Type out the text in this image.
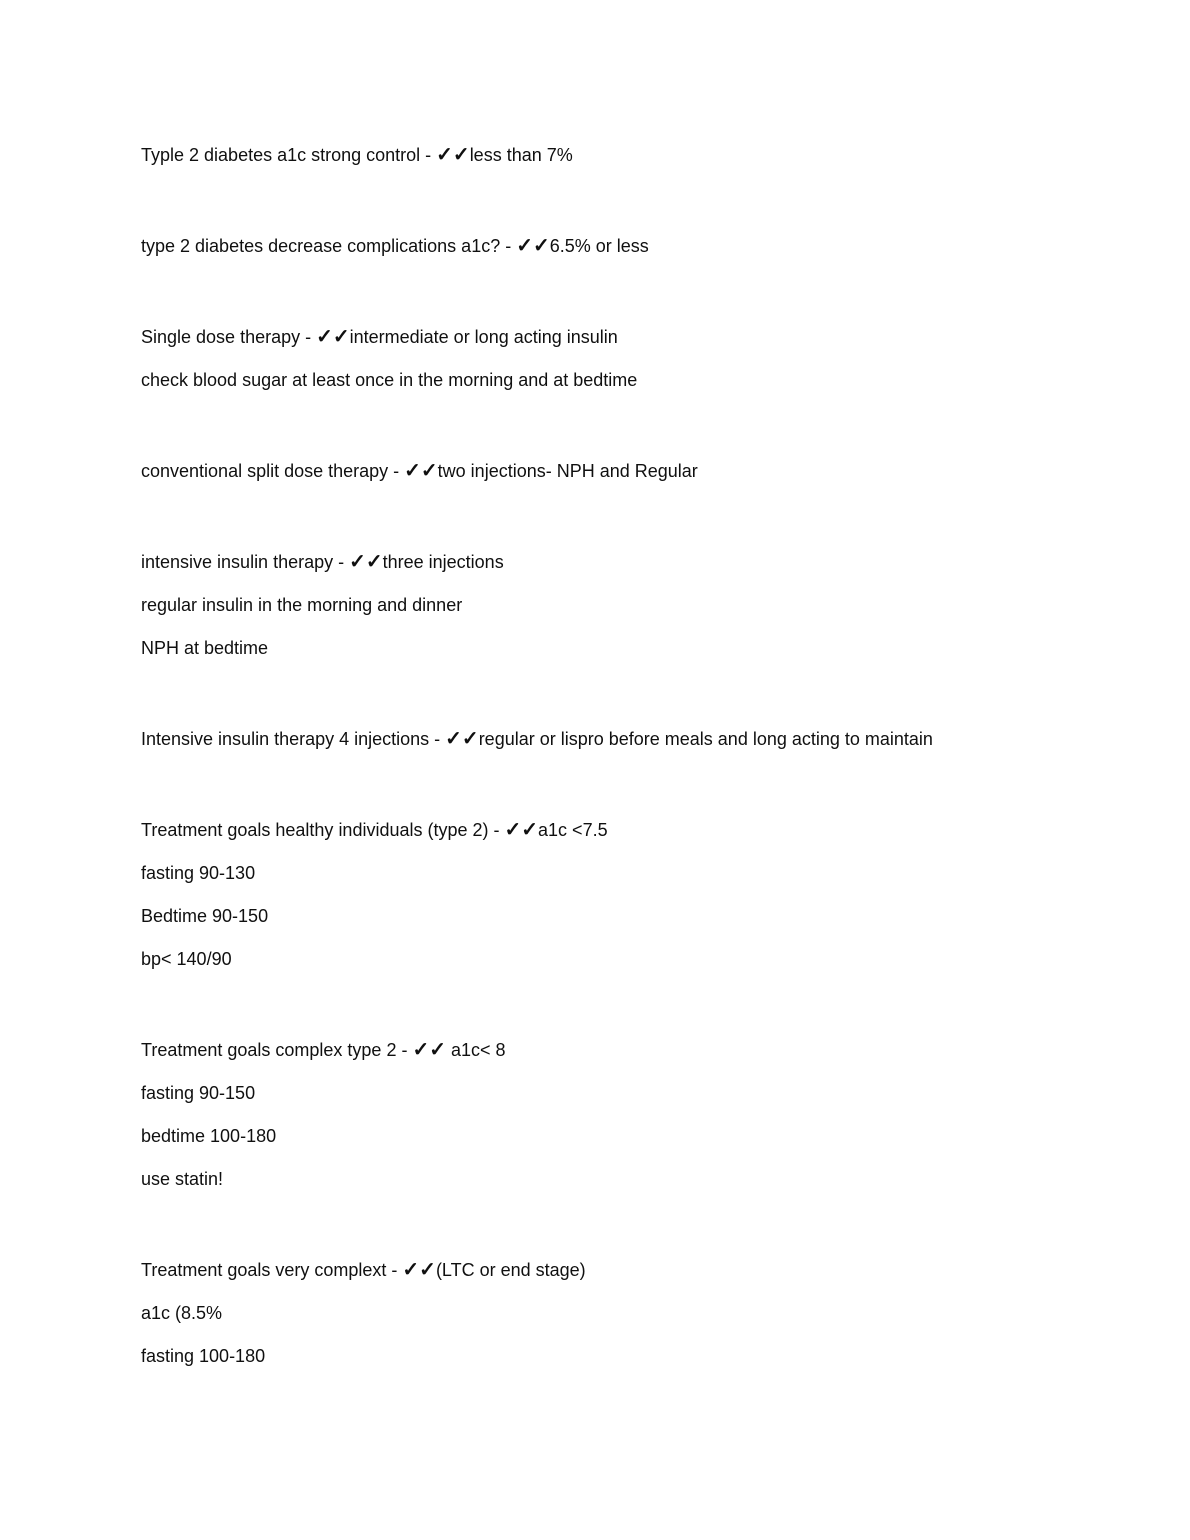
Typle 2 diabetes a1c strong control - ✓✓less than 7%

type 2 diabetes decrease complications a1c? - ✓✓6.5% or less

Single dose therapy - ✓✓intermediate or long acting insulin

check blood sugar at least once in the morning and at bedtime

conventional split dose therapy - ✓✓two injections- NPH and Regular

intensive insulin therapy - ✓✓three injections

regular insulin in the morning and dinner

NPH at bedtime

Intensive insulin therapy 4 injections - ✓✓regular or lispro before meals and long acting to maintain

Treatment goals healthy individuals (type 2) - ✓✓a1c <7.5

fasting 90-130

Bedtime 90-150

bp< 140/90

Treatment goals complex type 2 - ✓✓ a1c< 8

fasting 90-150

bedtime 100-180

use statin!

Treatment goals very complext - ✓✓(LTC or end stage)

a1c (8.5%

fasting 100-180
